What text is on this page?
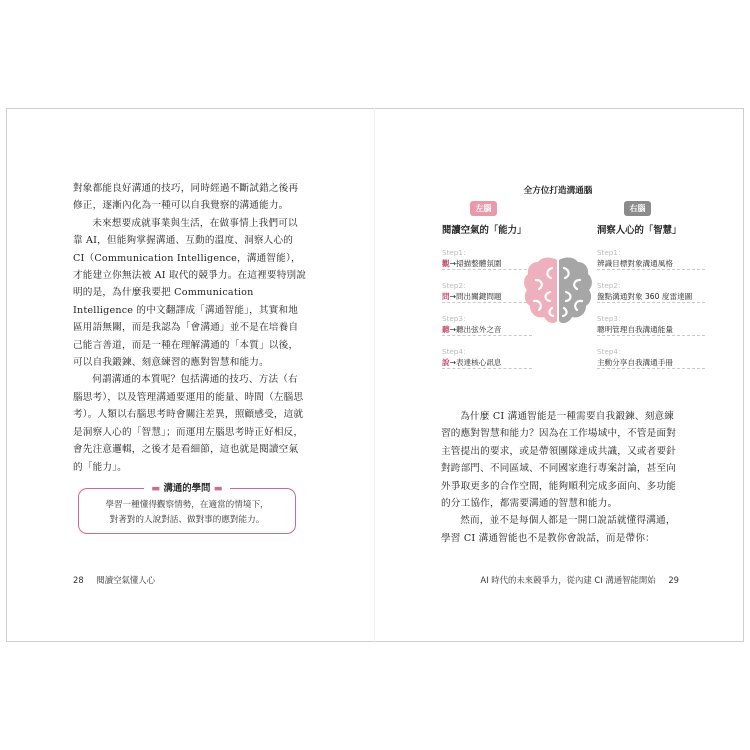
對象都能良好溝通的技巧，同時經過不斷試錯之後再修正，逐漸內化為一種可以自我覺察的溝通能力。

未來想要成就事業與生活，在做事情上我們可以靠 AI，但能夠掌握溝通、互動的溫度、洞察人心的 CI（Communication Intelligence，溝通智能），才能建立你無法被 AI 取代的競爭力。在這裡要特別說明的是，為什麼我要把 Communication Intelligence 的中文翻譯成「溝通智能」，其實和地區用語無關，而是我認為「會溝通」並不是在培養自己能言善道，而是一種在理解溝通的「本質」以後，可以自我鍛鍊、刻意練習的應對智慧和能力。

何謂溝通的本質呢？包括溝通的技巧、方法（右腦思考），以及管理溝通要運用的能量、時間（左腦思考）。人類以右腦思考時會關注差異，照顧感受，這就是洞察人心的「智慧」；而運用左腦思考時正好相反，會先注意邏輯，之後才是看細節，這也就是閱讀空氣的「能力」。

▬ 溝通的學問 ▬
學習一種懂得觀察情勢，在適當的情境下，
對著對的人說對話、做對事的應對能力。
28 閱讀空氣懂人心
全方位打造溝通腦
左腦	右腦
閱讀空氣的「能力」	洞察人心的「智慧」
Step1：
觀→掃描整體氛圍
Step2：
問→問出關鍵問題
Step3：
聽→聽出弦外之音
Step4：
說→表達核心訊息
Step1：
辨識目標對象溝通風格
Step2：
盤點溝通對象 360 度雷達圖
Step3：
聰明管理自我溝通能量
Step4：
主動分享自我溝通手冊

為什麼 CI 溝通智能是一種需要自我鍛鍊、刻意練習的應對智慧和能力？因為在工作場域中，不管是面對主管提出的要求，或是帶領團隊達成共識，又或者要針對跨部門、不同區域、不同國家進行專案討論，甚至向外爭取更多的合作空間，能夠順利完成多面向、多功能的分工協作，都需要溝通的智慧和能力。

然而，並不是每個人都是一開口說話就懂得溝通，學習 CI 溝通智能也不是教你會說話，而是帶你：

AI 時代的未來競爭力，從內建 CI 溝通智能開始 29
